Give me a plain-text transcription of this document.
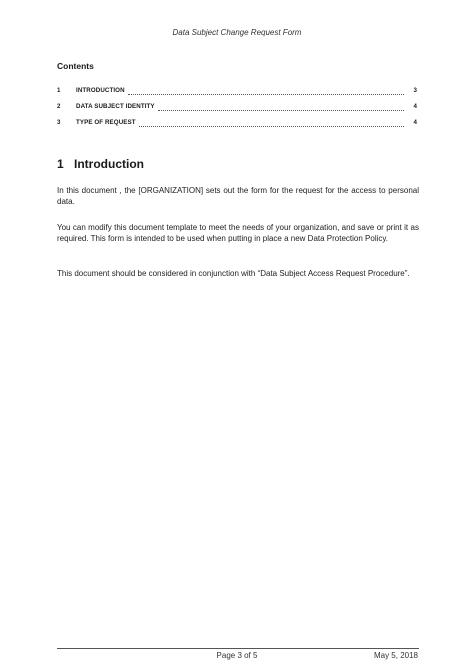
Data Subject Change Request Form
Contents
1	INTRODUCTION	3
2	DATA SUBJECT IDENTITY	4
3	TYPE OF REQUEST	4
1 Introduction

In this document , the [ORGANIZATION] sets out the form for the request for the access to personal data.

You can modify this document template to meet the needs of your organization, and save or print it as required. This form is intended to be used when putting in place a new Data Protection Policy.

This document should be considered in conjunction with “Data Subject Access Request Procedure”.

Page 3 of 5	May 5, 2018
